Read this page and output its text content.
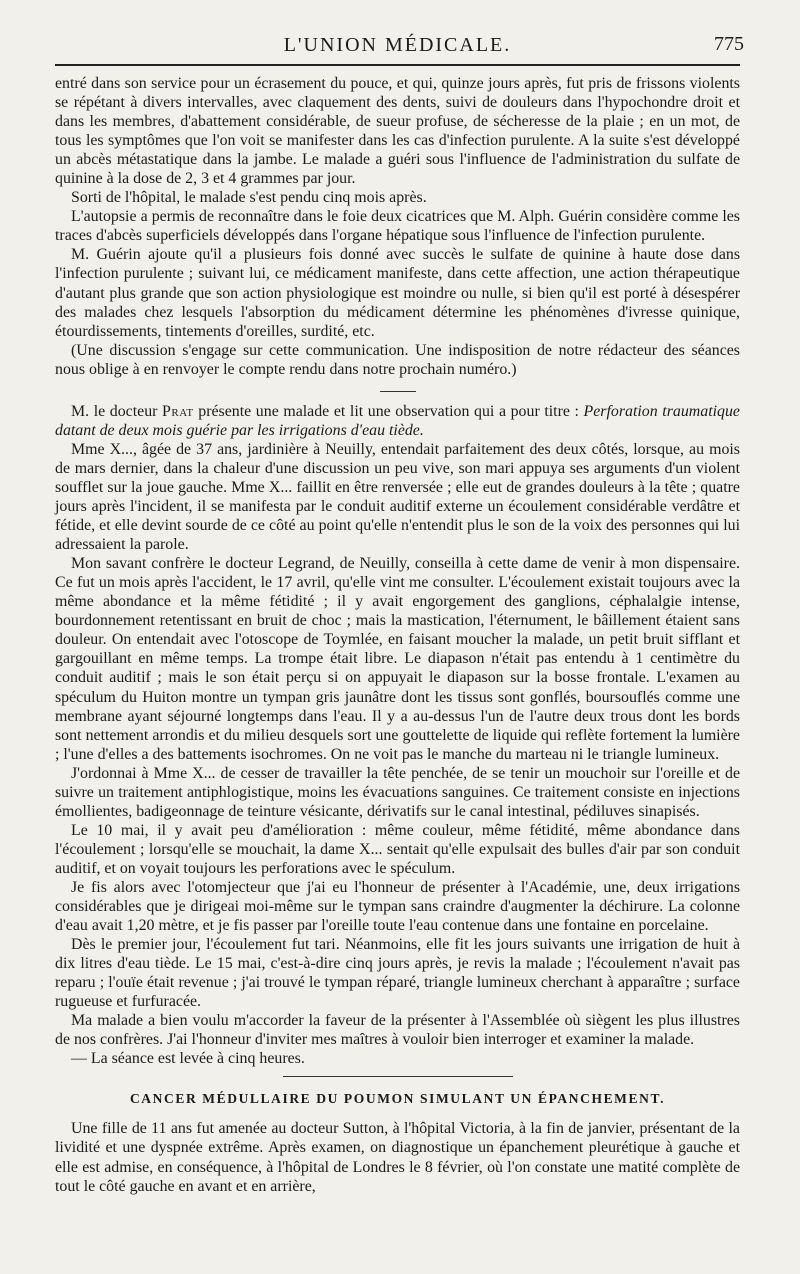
L'UNION MÉDICALE.	775

entré dans son service pour un écrasement du pouce, et qui, quinze jours après, fut pris de frissons violents se répétant à divers intervalles, avec claquement des dents, suivi de douleurs dans l'hypochondre droit et dans les membres, d'abattement considérable, de sueur profuse, de sécheresse de la plaie ; en un mot, de tous les symptômes que l'on voit se manifester dans les cas d'infection purulente. A la suite s'est développé un abcès métastatique dans la jambe. Le malade a guéri sous l'influence de l'administration du sulfate de quinine à la dose de 2, 3 et 4 grammes par jour.

Sorti de l'hôpital, le malade s'est pendu cinq mois après.

L'autopsie a permis de reconnaître dans le foie deux cicatrices que M. Alph. Guérin considère comme les traces d'abcès superficiels développés dans l'organe hépatique sous l'influence de l'infection purulente.

M. Guérin ajoute qu'il a plusieurs fois donné avec succès le sulfate de quinine à haute dose dans l'infection purulente ; suivant lui, ce médicament manifeste, dans cette affection, une action thérapeutique d'autant plus grande que son action physiologique est moindre ou nulle, si bien qu'il est porté à désespérer des malades chez lesquels l'absorption du médicament détermine les phénomènes d'ivresse quinique, étourdissements, tintements d'oreilles, surdité, etc.

(Une discussion s'engage sur cette communication. Une indisposition de notre rédacteur des séances nous oblige à en renvoyer le compte rendu dans notre prochain numéro.)

M. le docteur Prat présente une malade et lit une observation qui a pour titre : Perforation traumatique datant de deux mois guérie par les irrigations d'eau tiède.

Mme X..., âgée de 37 ans, jardinière à Neuilly, entendait parfaitement des deux côtés, lorsque, au mois de mars dernier, dans la chaleur d'une discussion un peu vive, son mari appuya ses arguments d'un violent soufflet sur la joue gauche. Mme X... faillit en être renversée ; elle eut de grandes douleurs à la tête ; quatre jours après l'incident, il se manifesta par le conduit auditif externe un écoulement considérable verdâtre et fétide, et elle devint sourde de ce côté au point qu'elle n'entendit plus le son de la voix des personnes qui lui adressaient la parole.

Mon savant confrère le docteur Legrand, de Neuilly, conseilla à cette dame de venir à mon dispensaire. Ce fut un mois après l'accident, le 17 avril, qu'elle vint me consulter. L'écoulement existait toujours avec la même abondance et la même fétidité ; il y avait engorgement des ganglions, céphalalgie intense, bourdonnement retentissant en bruit de choc ; mais la mastication, l'éternument, le bâillement étaient sans douleur. On entendait avec l'otoscope de Toymlée, en faisant moucher la malade, un petit bruit sifflant et gargouillant en même temps. La trompe était libre. Le diapason n'était pas entendu à 1 centimètre du conduit auditif ; mais le son était perçu si on appuyait le diapason sur la bosse frontale. L'examen au spéculum du Huiton montre un tympan gris jaunâtre dont les tissus sont gonflés, boursouflés comme une membrane ayant séjourné longtemps dans l'eau. Il y a au-dessus l'un de l'autre deux trous dont les bords sont nettement arrondis et du milieu desquels sort une gouttelette de liquide qui reflète fortement la lumière ; l'une d'elles a des battements isochromes. On ne voit pas le manche du marteau ni le triangle lumineux.

J'ordonnai à Mme X... de cesser de travailler la tête penchée, de se tenir un mouchoir sur l'oreille et de suivre un traitement antiphlogistique, moins les évacuations sanguines. Ce traitement consiste en injections émollientes, badigeonnage de teinture vésicante, dérivatifs sur le canal intestinal, pédiluves sinapisés.

Le 10 mai, il y avait peu d'amélioration : même couleur, même fétidité, même abondance dans l'écoulement ; lorsqu'elle se mouchait, la dame X... sentait qu'elle expulsait des bulles d'air par son conduit auditif, et on voyait toujours les perforations avec le spéculum.

Je fis alors avec l'otomjecteur que j'ai eu l'honneur de présenter à l'Académie, une, deux irrigations considérables que je dirigeai moi-même sur le tympan sans craindre d'augmenter la déchirure. La colonne d'eau avait 1,20 mètre, et je fis passer par l'oreille toute l'eau contenue dans une fontaine en porcelaine.

Dès le premier jour, l'écoulement fut tari. Néanmoins, elle fit les jours suivants une irrigation de huit à dix litres d'eau tiède. Le 15 mai, c'est-à-dire cinq jours après, je revis la malade ; l'écoulement n'avait pas reparu ; l'ouïe était revenue ; j'ai trouvé le tympan réparé, triangle lumineux cherchant à apparaître ; surface rugueuse et furfuracée.

Ma malade a bien voulu m'accorder la faveur de la présenter à l'Assemblée où siègent les plus illustres de nos confrères. J'ai l'honneur d'inviter mes maîtres à vouloir bien interroger et examiner la malade.

— La séance est levée à cinq heures.

CANCER MÉDULLAIRE DU POUMON SIMULANT UN ÉPANCHEMENT.

Une fille de 11 ans fut amenée au docteur Sutton, à l'hôpital Victoria, à la fin de janvier, présentant de la lividité et une dyspnée extrême. Après examen, on diagnostique un épanchement pleurétique à gauche et elle est admise, en conséquence, à l'hôpital de Londres le 8 février, où l'on constate une matité complète de tout le côté gauche en avant et en arrière,
